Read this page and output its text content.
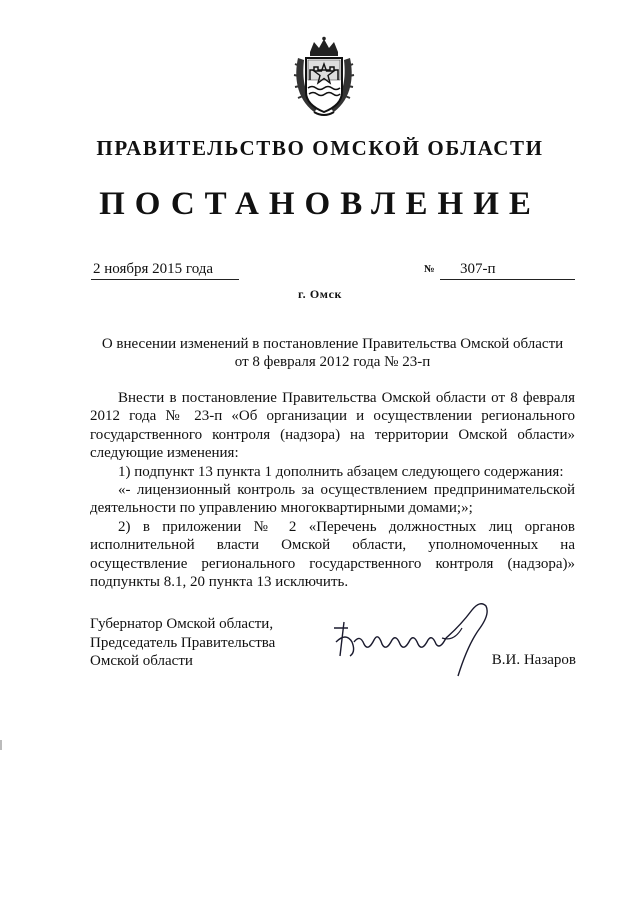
ПРАВИТЕЛЬСТВО ОМСКОЙ ОБЛАСТИ
ПОСТАНОВЛЕНИЕ
2 ноября 2015 года	№	307-п
г. Омск
О внесении изменений в постановление Правительства Омской области
от 8 февраля 2012 года № 23-п

Внести в постановление Правительства Омской области от 8 февраля 2012 года № 23-п «Об организации и осуществлении регионального государственного контроля (надзора) на территории Омской области» следующие изменения:

1) подпункт 13 пункта 1 дополнить абзацем следующего содержания:

«- лицензионный контроль за осуществлением предпринимательской деятельности по управлению многоквартирными домами;»;

2) в приложении № 2 «Перечень должностных лиц органов исполнительной власти Омской области, уполномоченных на осуществление регионального государственного контроля (надзора)» подпункты 8.1, 20 пункта 13 исключить.

Губернатор Омской области,
Председатель Правительства
Омской области	В.И. Назаров
